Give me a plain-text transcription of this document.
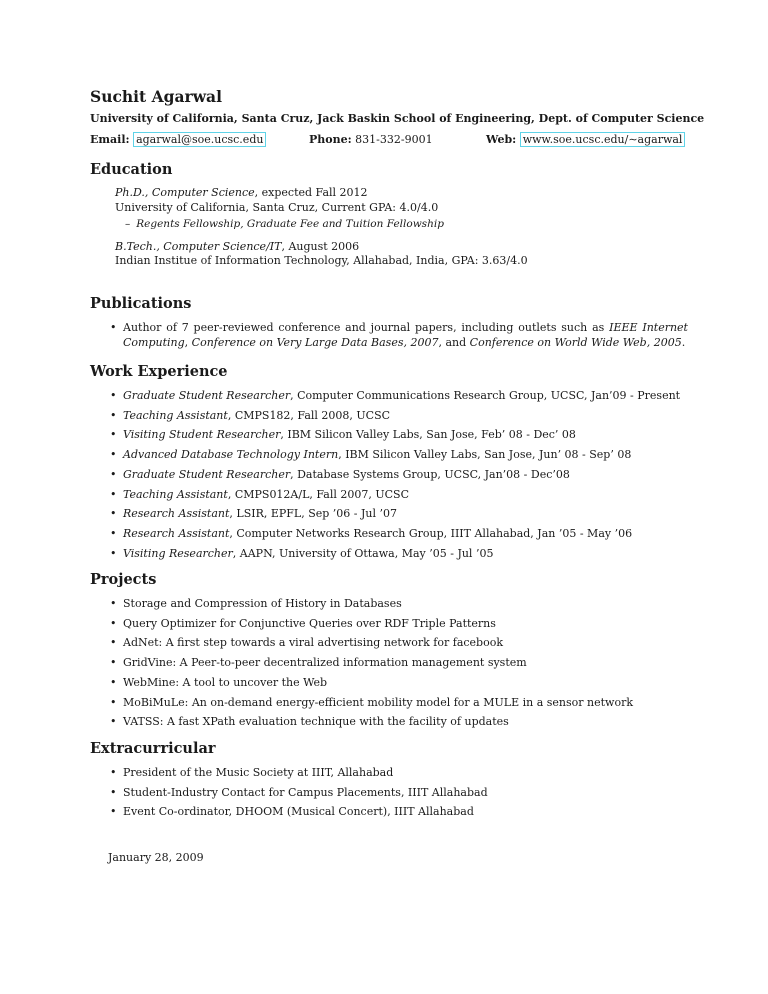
Suchit Agarwal
University of California, Santa Cruz, Jack Baskin School of Engineering, Dept. of Computer Science
Email: agarwal@soe.ucsc.edu	Phone: 831-332-9001	Web: www.soe.ucsc.edu/∼agarwal
Education
Ph.D., Computer Science, expected Fall 2012
University of California, Santa Cruz, Current GPA: 4.0/4.0
– Regents Fellowship, Graduate Fee and Tuition Fellowship
B.Tech., Computer Science/IT, August 2006
Indian Institue of Information Technology, Allahabad, India, GPA: 3.63/4.0
Publications
• Author of 7 peer-reviewed conference and journal papers, including outlets such as IEEE Internet Computing, Conference on Very Large Data Bases, 2007, and Conference on World Wide Web, 2005.
Work Experience
• Graduate Student Researcher, Computer Communications Research Group, UCSC, Jan’09 - Present
• Teaching Assistant, CMPS182, Fall 2008, UCSC
• Visiting Student Researcher, IBM Silicon Valley Labs, San Jose, Feb’ 08 - Dec’ 08
• Advanced Database Technology Intern, IBM Silicon Valley Labs, San Jose, Jun’ 08 - Sep’ 08
• Graduate Student Researcher, Database Systems Group, UCSC, Jan’08 - Dec’08
• Teaching Assistant, CMPS012A/L, Fall 2007, UCSC
• Research Assistant, LSIR, EPFL, Sep ’06 - Jul ’07
• Research Assistant, Computer Networks Research Group, IIIT Allahabad, Jan ’05 - May ’06
• Visiting Researcher, AAPN, University of Ottawa, May ’05 - Jul ’05
Projects
• Storage and Compression of History in Databases
• Query Optimizer for Conjunctive Queries over RDF Triple Patterns
• AdNet: A first step towards a viral advertising network for facebook
• GridVine: A Peer-to-peer decentralized information management system
• WebMine: A tool to uncover the Web
• MoBiMuLe: An on-demand energy-efficient mobility model for a MULE in a sensor network
• VATSS: A fast XPath evaluation technique with the facility of updates
Extracurricular
• President of the Music Society at IIIT, Allahabad
• Student-Industry Contact for Campus Placements, IIIT Allahabad
• Event Co-ordinator, DHOOM (Musical Concert), IIIT Allahabad
January 28, 2009
